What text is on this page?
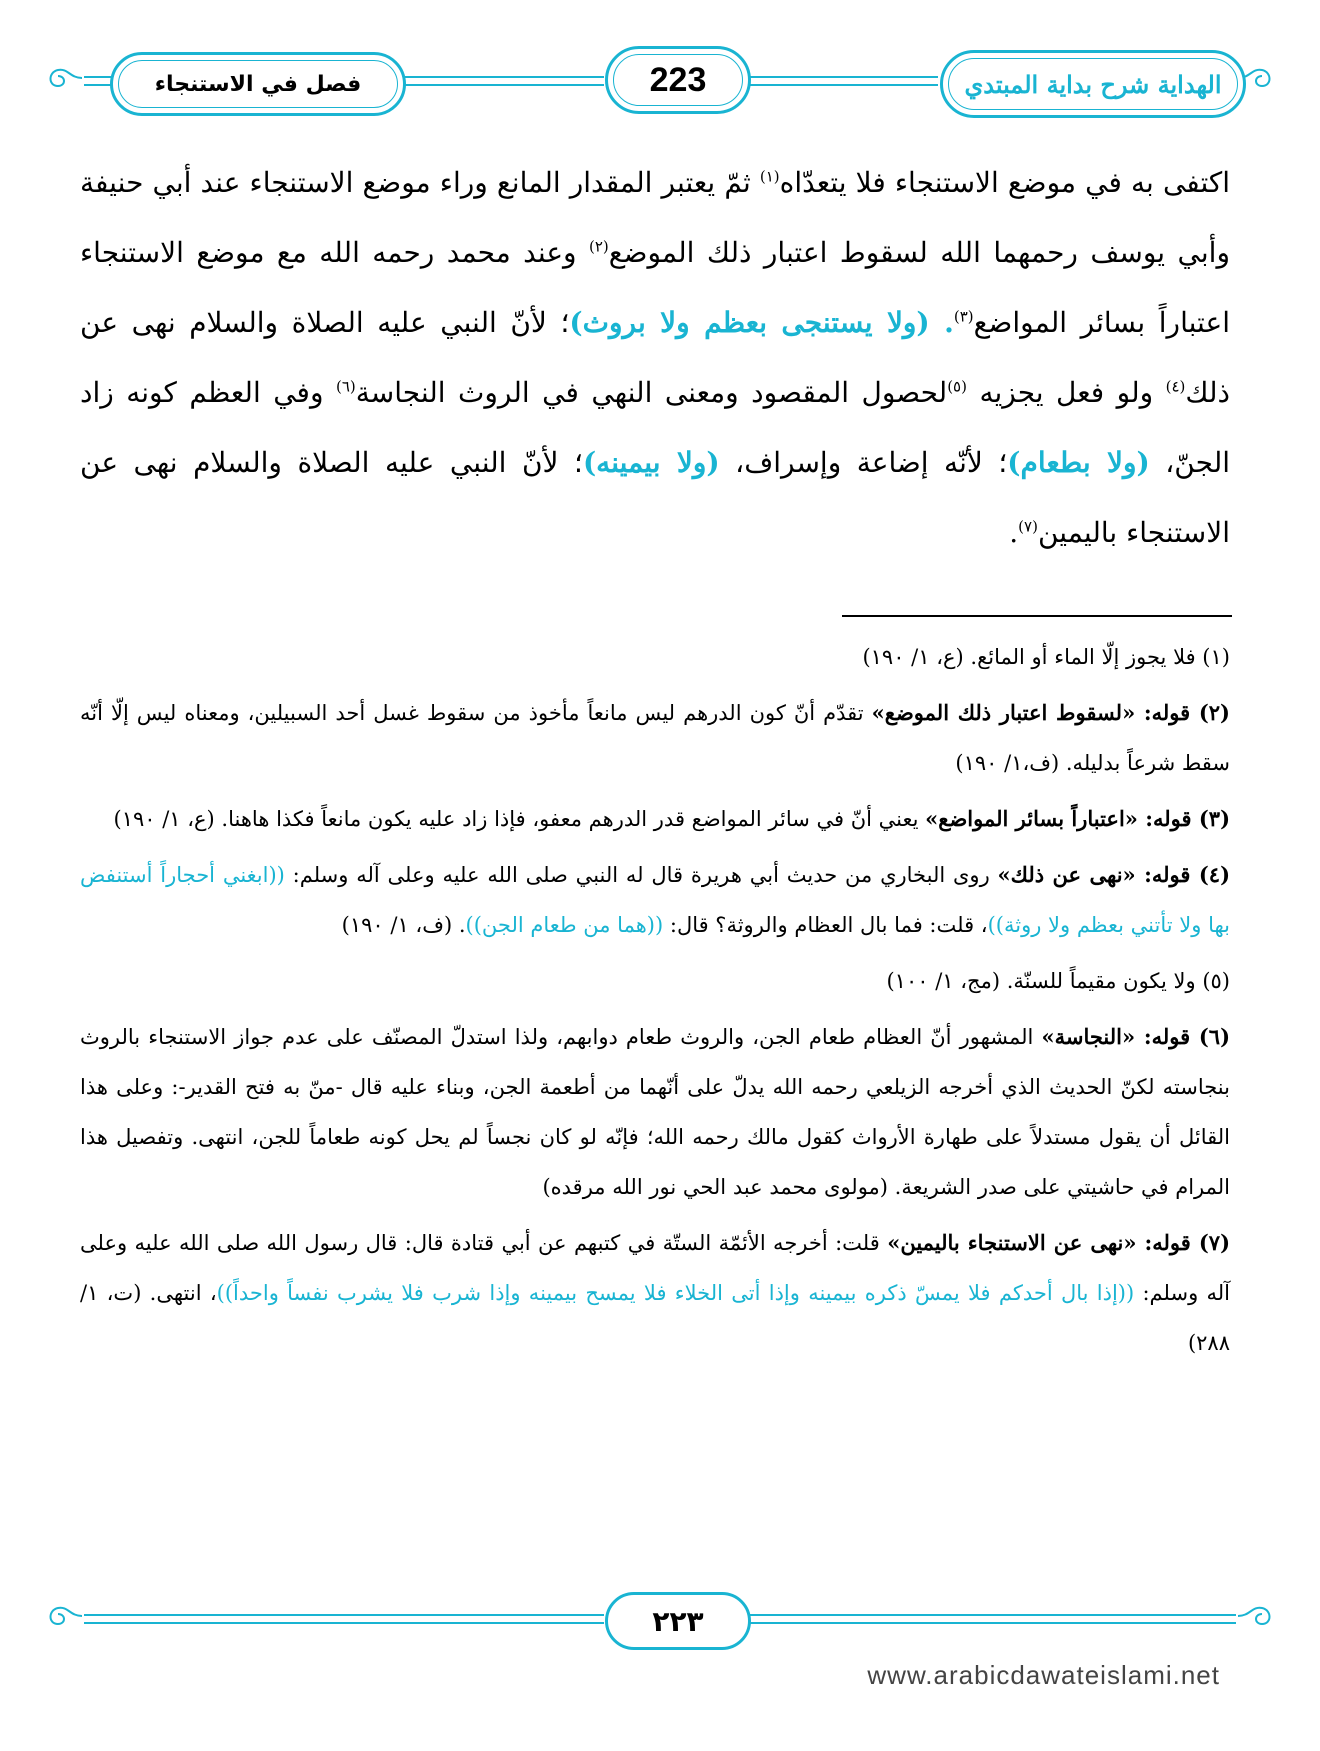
فصل في الاستنجاء	223	الهداية شرح بداية المبتدي

اكتفى به في موضع الاستنجاء فلا يتعدّاه$^{(١)}$ ثمّ يعتبر المقدار المانع وراء موضع الاستنجاء عند أبي حنيفة وأبي يوسف رحمهما الله لسقوط اعتبار ذلك الموضع$^{(٢)}$ وعند محمد رحمه الله مع موضع الاستنجاء اعتباراً بسائر المواضع$^{(٣)}$. (ولا يستنجى بعظم ولا بروث)؛ لأنّ النبي عليه الصلاة والسلام نهى عن ذلك$^{(٤)}$ ولو فعل يجزيه $^{(٥)}$لحصول المقصود ومعنى النهي في الروث النجاسة$^{(٦)}$ وفي العظم كونه زاد الجنّ، (ولا بطعام)؛ لأنّه إضاعة وإسراف، (ولا بيمينه)؛ لأنّ النبي عليه الصلاة والسلام نهى عن الاستنجاء باليمين$^{(٧)}$.

(١) فلا يجوز إلّا الماء أو المائع. (ع، ١/ ١٩٠)

(٢) قوله: «لسقوط اعتبار ذلك الموضع» تقدّم أنّ كون الدرهم ليس مانعاً مأخوذ من سقوط غسل أحد السبيلين، ومعناه ليس إلّا أنّه سقط شرعاً بدليله. (ف،١/ ١٩٠)

(٣) قوله: «اعتباراً بسائر المواضع» يعني أنّ في سائر المواضع قدر الدرهم معفو، فإذا زاد عليه يكون مانعاً فكذا هاهنا. (ع، ١/ ١٩٠)

(٤) قوله: «نهى عن ذلك» روى البخاري من حديث أبي هريرة قال له النبي صلى الله عليه وعلى آله وسلم: ((ابغني أحجاراً أستنفض بها ولا تأتني بعظم ولا روثة))، قلت: فما بال العظام والروثة؟ قال: ((هما من طعام الجن)). (ف، ١/ ١٩٠)

(٥) ولا يكون مقيماً للسنّة. (مج، ١/ ١٠٠)

(٦) قوله: «النجاسة» المشهور أنّ العظام طعام الجن، والروث طعام دوابهم، ولذا استدلّ المصنّف على عدم جواز الاستنجاء بالروث بنجاسته لكنّ الحديث الذي أخرجه الزيلعي رحمه الله يدلّ على أنّهما من أطعمة الجن، وبناء عليه قال -منّ به فتح القدير-: وعلى هذا القائل أن يقول مستدلاً على طهارة الأرواث كقول مالك رحمه الله؛ فإنّه لو كان نجساً لم يحل كونه طعاماً للجن، انتهى. وتفصيل هذا المرام في حاشيتي على صدر الشريعة. (مولوى محمد عبد الحي نور الله مرقده)

(٧) قوله: «نهى عن الاستنجاء باليمين» قلت: أخرجه الأئمّة الستّة في كتبهم عن أبي قتادة قال: قال رسول الله صلى الله عليه وعلى آله وسلم: ((إذا بال أحدكم فلا يمسّ ذكره بيمينه وإذا أتى الخلاء فلا يمسح بيمينه وإذا شرب فلا يشرب نفساً واحداً))، انتهى. (ت، ١/ ٢٨٨)

٢٢٣
www.arabicdawateislami.net
